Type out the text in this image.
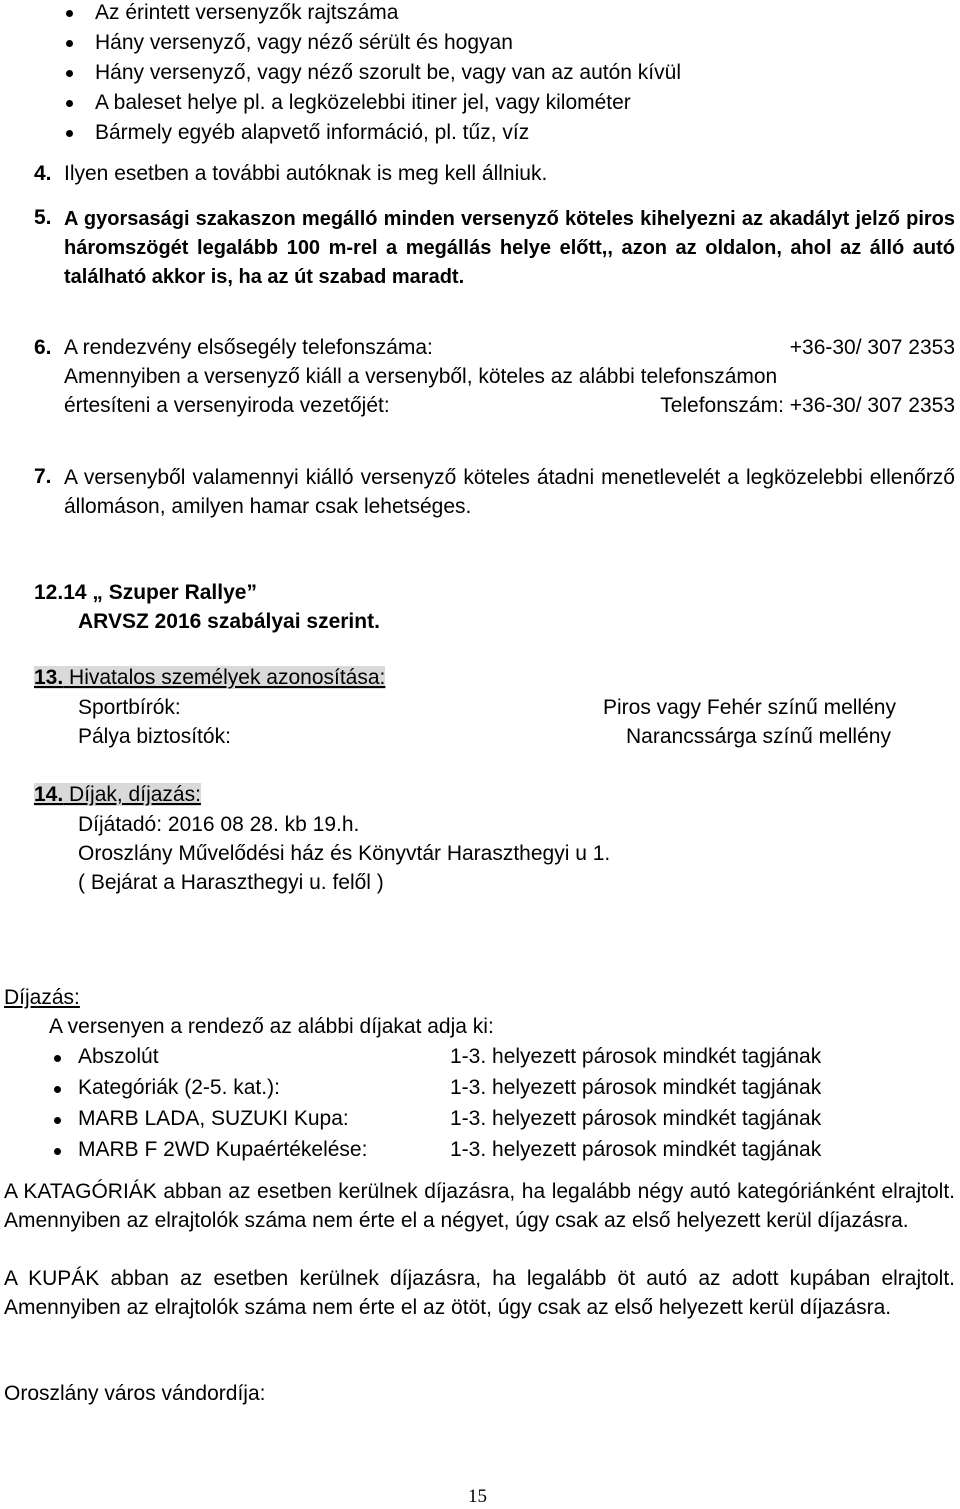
Az érintett versenyzők rajtszáma
Hány versenyző, vagy néző sérült és hogyan
Hány versenyző, vagy néző szorult be, vagy van az autón kívül
A baleset helye pl. a legközelebbi itiner jel, vagy kilométer
Bármely egyéb alapvető információ, pl. tűz, víz
4. Ilyen esetben a további autóknak is meg kell állniuk.
5. A gyorsasági szakaszon megálló minden versenyző köteles kihelyezni az akadályt jelző piros háromszögét legalább 100 m-rel a megállás helye előtt,, azon az oldalon, ahol az álló autó található akkor is, ha az út szabad maradt.
6. A rendezvény elsősegély telefonszáma:	+36-30/ 307 2353
Amennyiben a versenyző kiáll a versenyből, köteles az alábbi telefonszámon
értesíteni a versenyiroda vezetőjét:	Telefonszám: +36-30/ 307 2353
7. A versenyből valamennyi kiálló versenyző köteles átadni menetlevelét a legközelebbi ellenőrző állomáson, amilyen hamar csak lehetséges.
12.14 „ Szuper Rallye”
ARVSZ 2016 szabályai szerint.
13. Hivatalos személyek azonosítása:
Sportbírók:	Piros vagy Fehér színű mellény
Pálya biztosítók:	Narancssárga színű mellény
14. Díjak, díjazás:
Díjátadó: 2016 08 28. kb 19.h.
Oroszlány Művelődési ház és Könyvtár Haraszthegyi u 1.
( Bejárat a Haraszthegyi u. felől )
Díjazás:
A versenyen a rendező az alábbi díjakat adja ki:
Abszolút	1-3. helyezett párosok mindkét tagjának
Kategóriák (2-5. kat.):	1-3. helyezett párosok mindkét tagjának
MARB LADA, SUZUKI Kupa:	1-3. helyezett párosok mindkét tagjának
MARB F 2WD Kupaértékelése:	1-3. helyezett párosok mindkét tagjának
A KATAGÓRIÁK abban az esetben kerülnek díjazásra, ha legalább négy autó kategóriánként elrajtolt. Amennyiben az elrajtolók száma nem érte el a négyet, úgy csak az első helyezett kerül díjazásra.
A KUPÁK abban az esetben kerülnek díjazásra, ha legalább öt autó az adott kupában elrajtolt. Amennyiben az elrajtolók száma nem érte el az ötöt, úgy csak az első helyezett kerül díjazásra.
Oroszlány város vándordíja:
15
